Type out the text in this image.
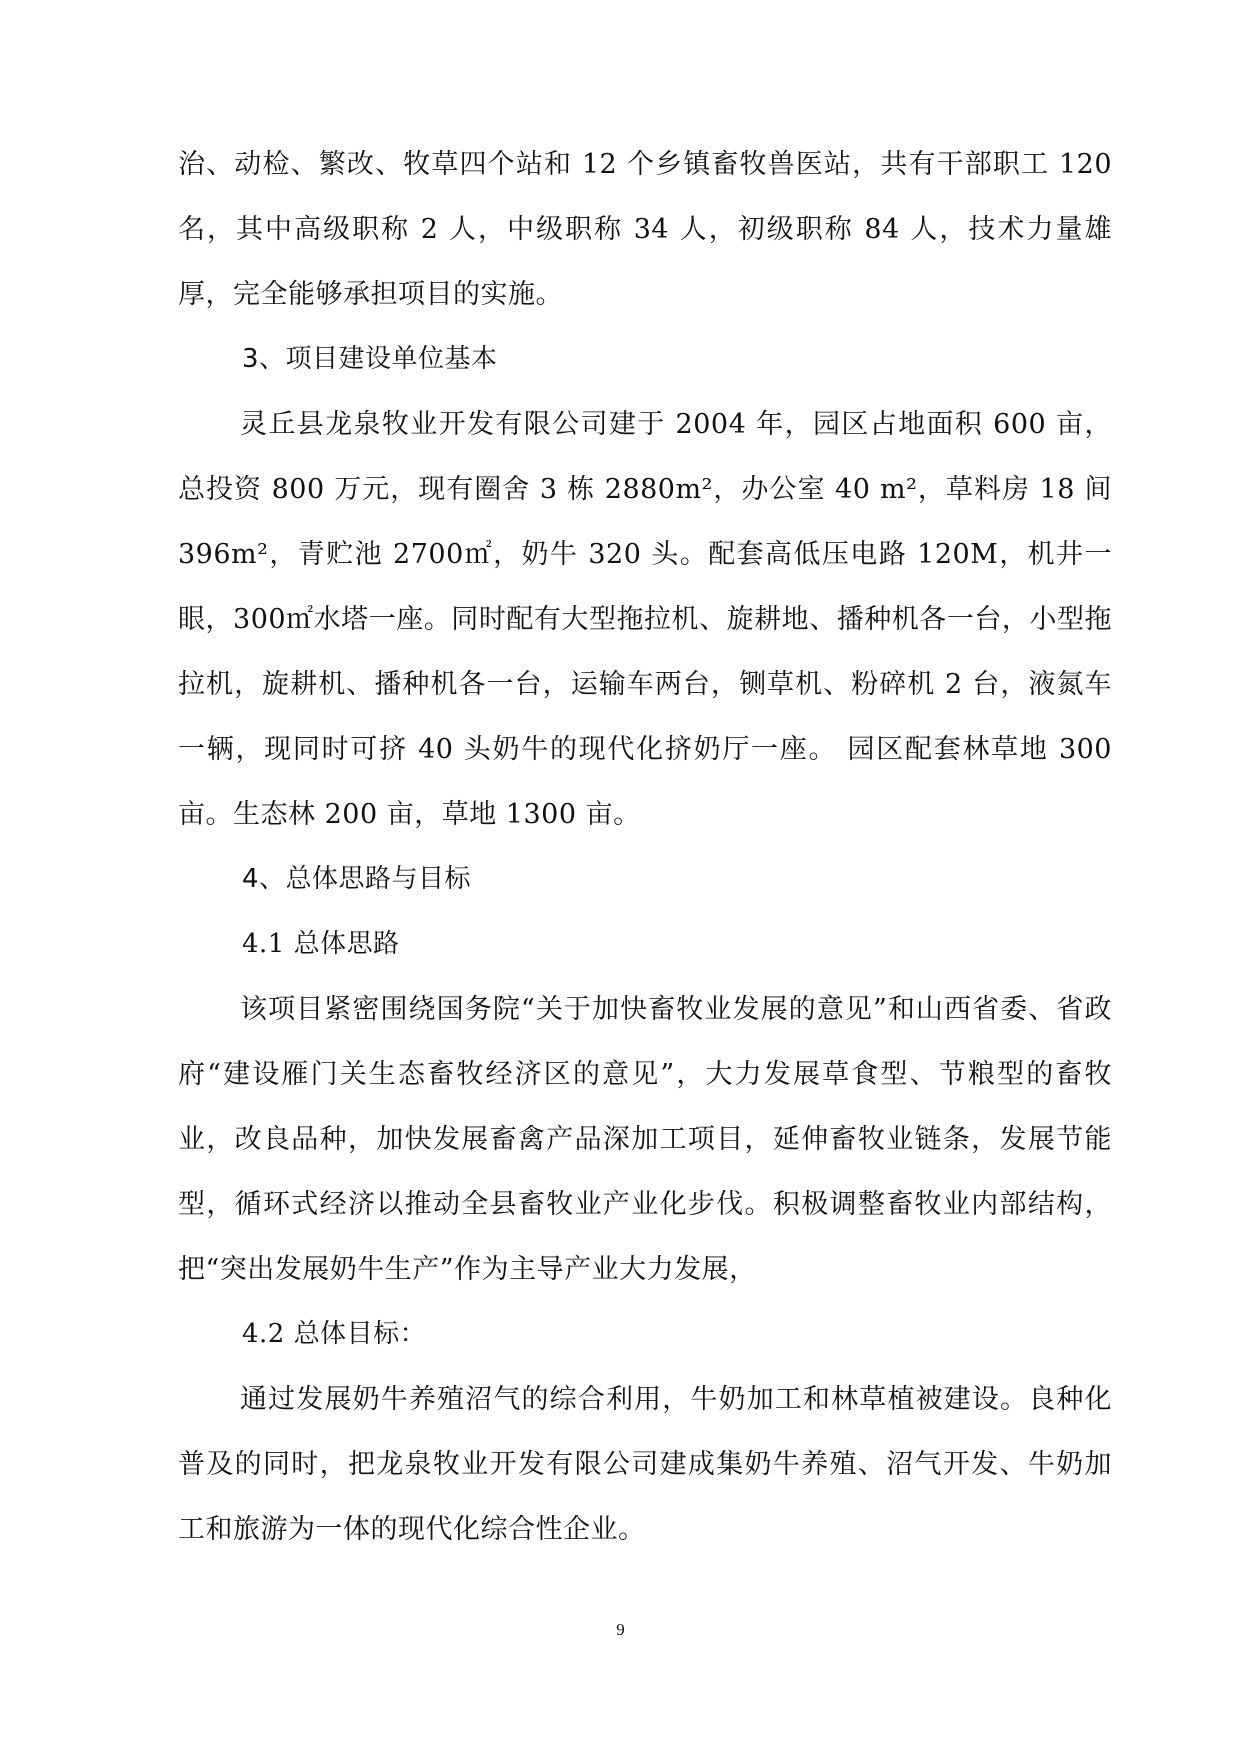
治、动检、繁改、牧草四个站和 12 个乡镇畜牧兽医站，共有干部职工 120 名，其中高级职称 2 人，中级职称 34 人，初级职称 84 人，技术力量雄厚，完全能够承担项目的实施。

3、项目建设单位基本

灵丘县龙泉牧业开发有限公司建于 2004 年，园区占地面积 600 亩，总投资 800 万元，现有圈舍 3 栋 2880m²，办公室 40 m²，草料房 18 间 396m²，青贮池 2700㎡，奶牛 320 头。配套高低压电路 120M，机井一眼，300㎡水塔一座。同时配有大型拖拉机、旋耕地、播种机各一台，小型拖拉机，旋耕机、播种机各一台，运输车两台，铡草机、粉碎机 2 台，液氮车一辆，现同时可挤 40 头奶牛的现代化挤奶厅一座。 园区配套林草地 300 亩。生态林 200 亩，草地 1300 亩。

4、总体思路与目标

4.1 总体思路

该项目紧密围绕国务院“关于加快畜牧业发展的意见”和山西省委、省政府“建设雁门关生态畜牧经济区的意见”，大力发展草食型、节粮型的畜牧业，改良品种，加快发展畜禽产品深加工项目，延伸畜牧业链条，发展节能型，循环式经济以推动全县畜牧业产业化步伐。积极调整畜牧业内部结构，把“突出发展奶牛生产”作为主导产业大力发展，

4.2 总体目标：

通过发展奶牛养殖沼气的综合利用，牛奶加工和林草植被建设。良种化普及的同时，把龙泉牧业开发有限公司建成集奶牛养殖、沼气开发、牛奶加工和旅游为一体的现代化综合性企业。

9
